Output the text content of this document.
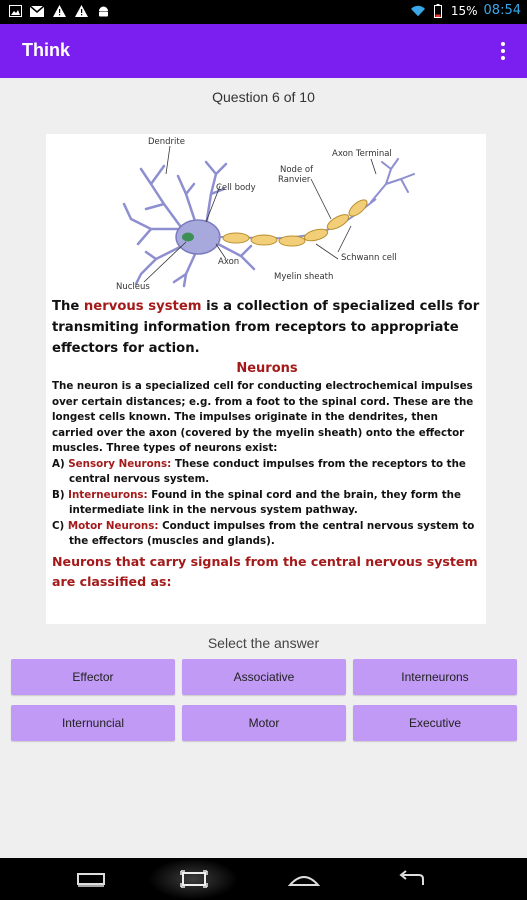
15% 08:54
Think
Question 6 of 10
Dendrite
Axon Terminal
Node of
Ranvier
Cell body
Axon	Schwann cell
Myelin sheath
Nucleus

The nervous system is a collection of specialized cells for transmiting information from receptors to appropriate effectors for action.

Neurons

The neuron is a specialized cell for conducting electrochemical impulses over certain distances; e.g. from a foot to the spinal cord. These are the longest cells known. The impulses originate in the dendrites, then carried over the axon (covered by the myelin sheath) onto the effector muscles. Three types of neurons exist:

A) Sensory Neurons: These conduct impulses from the receptors to the central nervous system.

B) Interneurons: Found in the spinal cord and the brain, they form the intermediate link in the nervous system pathway.

C) Motor Neurons: Conduct impulses from the central nervous system to the effectors (muscles and glands).

Neurons that carry signals from the central nervous system are classified as:

Select the answer
Effector	Associative	Interneurons
Internuncial	Motor	Executive
